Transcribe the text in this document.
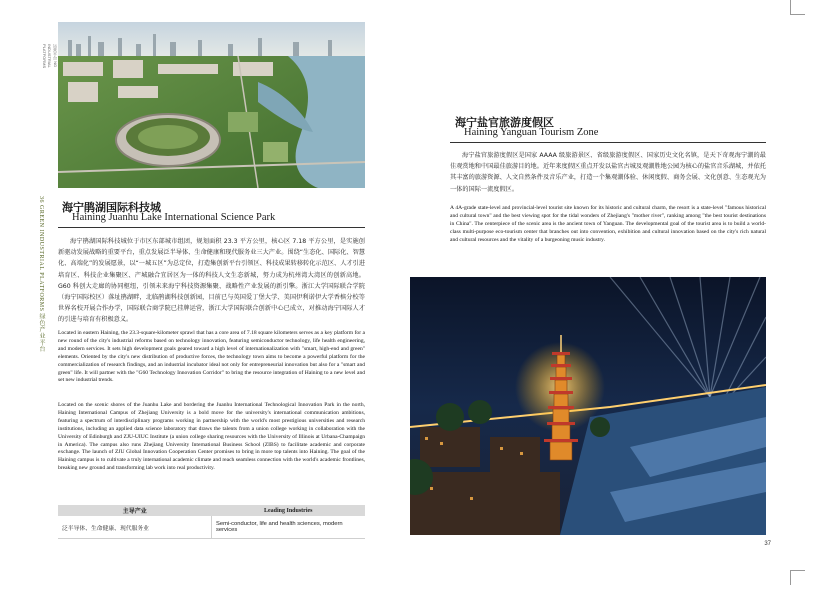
运营平台 NG INDUSTRIAL PLATFORMS
36 GREEN INDUSTRIAL PLATFORMS 绿色产业平台 海宁鹃湖国际科技城
Haining Juanhu Lake International Science Park
海宁鹃湖国际科技城位于市区东部城市组团，规划面积 23.3 平方公里，核心区 7.18 平方公里，是实施创新驱动发展战略的重要平台，重点发展泛半导体、生命健康和现代服务业三大产业。围绕“生态化、国际化、智慧化、高端化”的发展愿景，以“一城五区”为总定位，打造集创新平台引领区、科技成果转移转化示范区、人才引进培育区、科技企业集聚区、产城融合宜居区为一体的科技人文生态新城，努力成为杭州湾大湾区的创新高地。G60 科创大走廊的协同枢纽，引领未来海宁科技资源集聚、战略性产业发展的新引擎。浙江大学国际联合学院（海宁国际校区）落址鹃湖畔，北临鹃湖科技创新园，目前已与英国爱丁堡大学、美国伊利诺伊大学香槟分校等世界名校开展合作办学，国际联合商学院已挂牌运营，浙江大学国际联合创新中心已成立，对推动海宁国际人才的引进与培育有积极意义。
Located in eastern Haining, the 23.3-square-kilometer sprawl that has a core area of 7.18 square kilometers serves as a key platform for a new round of the city's industrial reforms based on technology innovation, featuring semiconductor technology, life health engineering, and modern services. It sets high development goals geared toward a high level of internationalization with "smart, high-end and green" elements. Oriented by the city's new distribution of productive forces, the technology town aims to become a powerful platform for the commercialization of research findings, and an industrial incubator ideal not only for entrepreneurial innovation but also for a "smart and green" life. It will partner with the "G60 Technology Innovation Corridor" to bring the resource integration of Haining to a new level and set new industrial trends.
Located on the scenic shores of the Juanhu Lake and bordering the Juanhu International Technological Innovation Park in the north, Haining International Campus of Zhejiang University is a bold move for the university's international communication ambitions, featuring a spectrum of interdisciplinary programs working in partnership with the world's most prestigious universities and research institutions, including an applied data science laboratory that draws the talents from a union college working in collaboration with the University of Edinburgh and ZJU-UIUC Institute (a union college sharing resources with the University of Illinois at Urbana-Champaign in America). The campus also runs Zhejiang University International Business School (ZIBS) to facilitate academic and corporate exchange. The launch of ZJU Global Innovation Cooperation Center promises to bring in more top talents into Haining. The goal of the Haining campus is to cultivate a truly international academic climate and reach seamless connection with the world's academic frontlines, breaking new ground and transforming lab work into real productivity.
主导产业	Leading Industries
泛半导体、生命健康、现代服务业	Semi-conductor, life and health sciences, modern services
海宁盐官旅游度假区
Haining Yanguan Tourism Zone
海宁盐官旅游度假区是国家 AAAA 级旅游景区、省级旅游度假区、国家历史文化名镇，是天下奇观海宁潮的最佳观赏地和中国最佳旅游目的地。近年来度假区重点开发以盐官古城及观潮胜地公园为核心的盐官音乐湖城，并依托其丰富的旅游资源、人文自然条件及音乐产业，打造一个集观潮体验、休闲度假、商务会展、文化创意、生态观光为一体的国际一流度假区。
A 4A-grade state-level and provincial-level tourist site known for its historic and cultural charm, the resort is a state-level "famous historical and cultural town" and the best viewing spot for the tidal wonders of Zhejiang's "mother river", ranking among "the best tourist destinations in China". The centerpiece of the scenic area is the ancient town of Yanguan. The developmental goal of the tourist area is to build a world-class multi-purpose eco-tourism center that branches out into convention, exhibition and cultural innovation based on the city's rich natural and cultural resources and the vitality of a burgeoning music industry.
37
